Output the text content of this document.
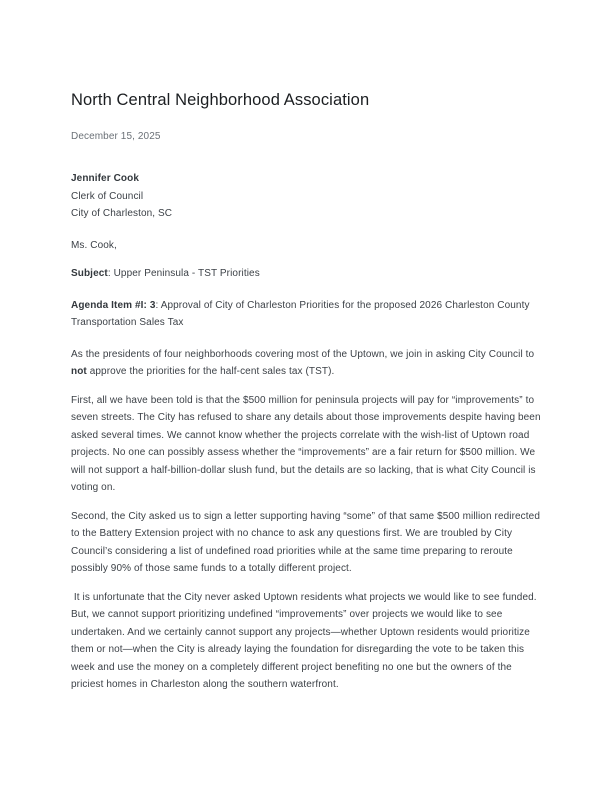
North Central Neighborhood Association

December 15, 2025

Jennifer Cook

Clerk of Council

City of Charleston, SC

Ms. Cook,

Subject: Upper Peninsula - TST Priorities

Agenda Item #I: 3: Approval of City of Charleston Priorities for the proposed 2026 Charleston County Transportation Sales Tax

As the presidents of four neighborhoods covering most of the Uptown, we join in asking City Council to not approve the priorities for the half-cent sales tax (TST).

First, all we have been told is that the $500 million for peninsula projects will pay for “improvements” to seven streets. The City has refused to share any details about those improvements despite having been asked several times. We cannot know whether the projects correlate with the wish-list of Uptown road projects. No one can possibly assess whether the “improvements” are a fair return for $500 million. We will not support a half-billion-dollar slush fund, but the details are so lacking, that is what City Council is voting on.

Second, the City asked us to sign a letter supporting having “some” of that same $500 million redirected to the Battery Extension project with no chance to ask any questions first. We are troubled by City Council’s considering a list of undefined road priorities while at the same time preparing to reroute possibly 90% of those same funds to a totally different project.

It is unfortunate that the City never asked Uptown residents what projects we would like to see funded. But, we cannot support prioritizing undefined “improvements” over projects we would like to see undertaken. And we certainly cannot support any projects—whether Uptown residents would prioritize them or not—when the City is already laying the foundation for disregarding the vote to be taken this week and use the money on a completely different project benefiting no one but the owners of the priciest homes in Charleston along the southern waterfront.
